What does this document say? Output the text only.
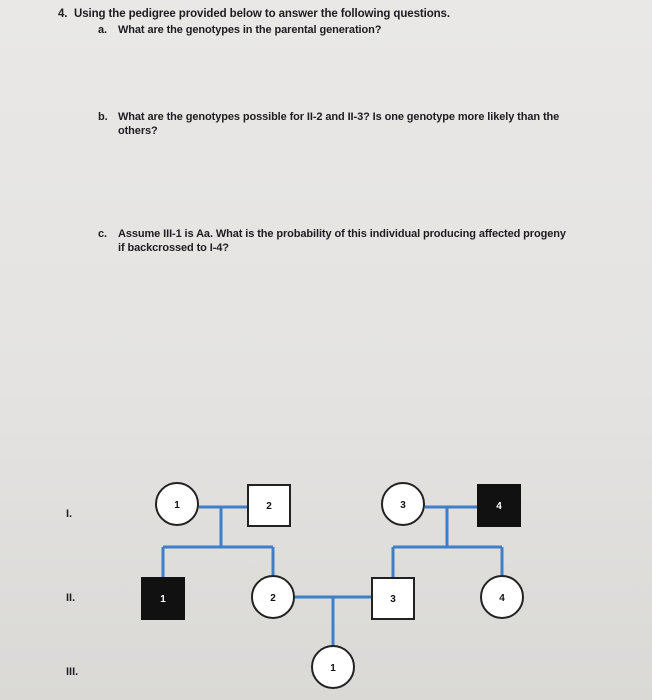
4. Using the pedigree provided below to answer the following questions.
a. What are the genotypes in the parental generation?
b. What are the genotypes possible for II-2 and II-3? Is one genotype more likely than the others?
c. Assume III-1 is Aa. What is the probability of this individual producing affected progeny if backcrossed to I-4?
I.
II.
III.
1	2	3	4
1	2	3	4
1
